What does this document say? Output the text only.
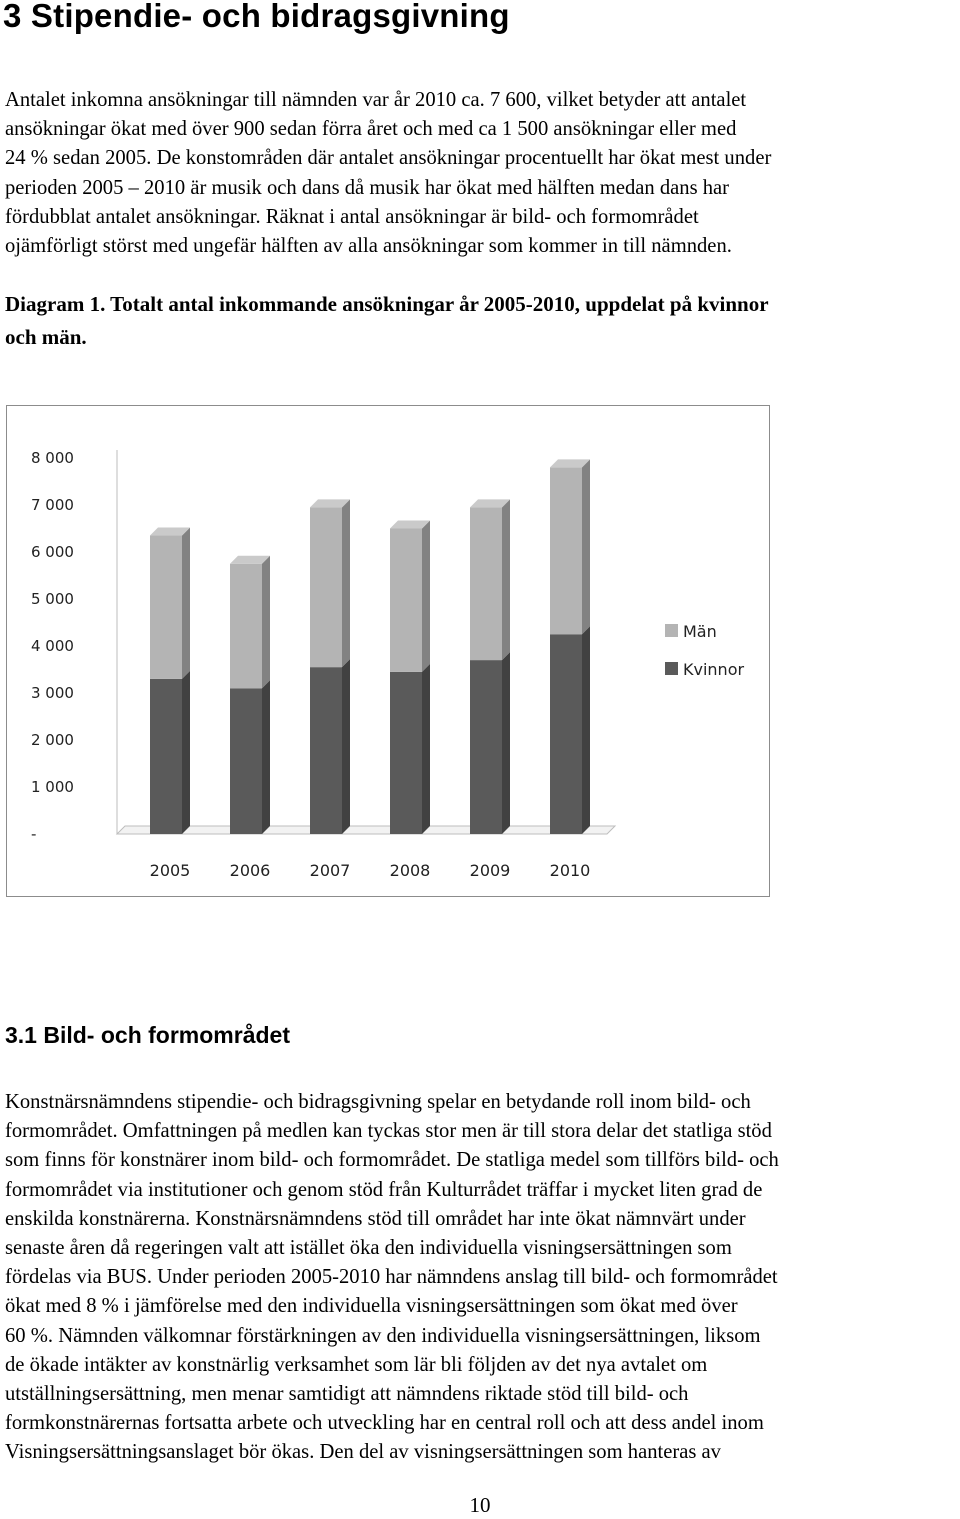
3 Stipendie- och bidragsgivning
Antalet inkomna ansökningar till nämnden var år 2010 ca. 7 600, vilket betyder att antalet
ansökningar ökat med över 900 sedan förra året och med ca 1 500 ansökningar eller med
24 % sedan 2005. De konstområden där antalet ansökningar procentuellt har ökat mest under
perioden 2005 – 2010 är musik och dans då musik har ökat med hälften medan dans har
fördubblat antalet ansökningar. Räknat i antal ansökningar är bild- och formområdet
ojämförligt störst med ungefär hälften av alla ansökningar som kommer in till nämnden.
Diagram 1. Totalt antal inkommande ansökningar år 2005-2010, uppdelat på kvinnor
och män.
-
1 000
2 000
3 000
4 000
5 000
6 000
7 000
8 000
2005 2006 2007 2008 2009 2010
Män
Kvinnor
3.1 Bild- och formområdet
Konstnärsnämndens stipendie- och bidragsgivning spelar en betydande roll inom bild- och
formområdet. Omfattningen på medlen kan tyckas stor men är till stora delar det statliga stöd
som finns för konstnärer inom bild- och formområdet. De statliga medel som tillförs bild- och
formområdet via institutioner och genom stöd från Kulturrådet träffar i mycket liten grad de
enskilda konstnärerna. Konstnärsnämndens stöd till området har inte ökat nämnvärt under
senaste åren då regeringen valt att istället öka den individuella visningsersättningen som
fördelas via BUS. Under perioden 2005-2010 har nämndens anslag till bild- och formområdet
ökat med 8 % i jämförelse med den individuella visningsersättningen som ökat med över
60 %. Nämnden välkomnar förstärkningen av den individuella visningsersättningen, liksom
de ökade intäkter av konstnärlig verksamhet som lär bli följden av det nya avtalet om
utställningsersättning, men menar samtidigt att nämndens riktade stöd till bild- och
formkonstnärernas fortsatta arbete och utveckling har en central roll och att dess andel inom
Visningsersättningsanslaget bör ökas. Den del av visningsersättningen som hanteras av

10
